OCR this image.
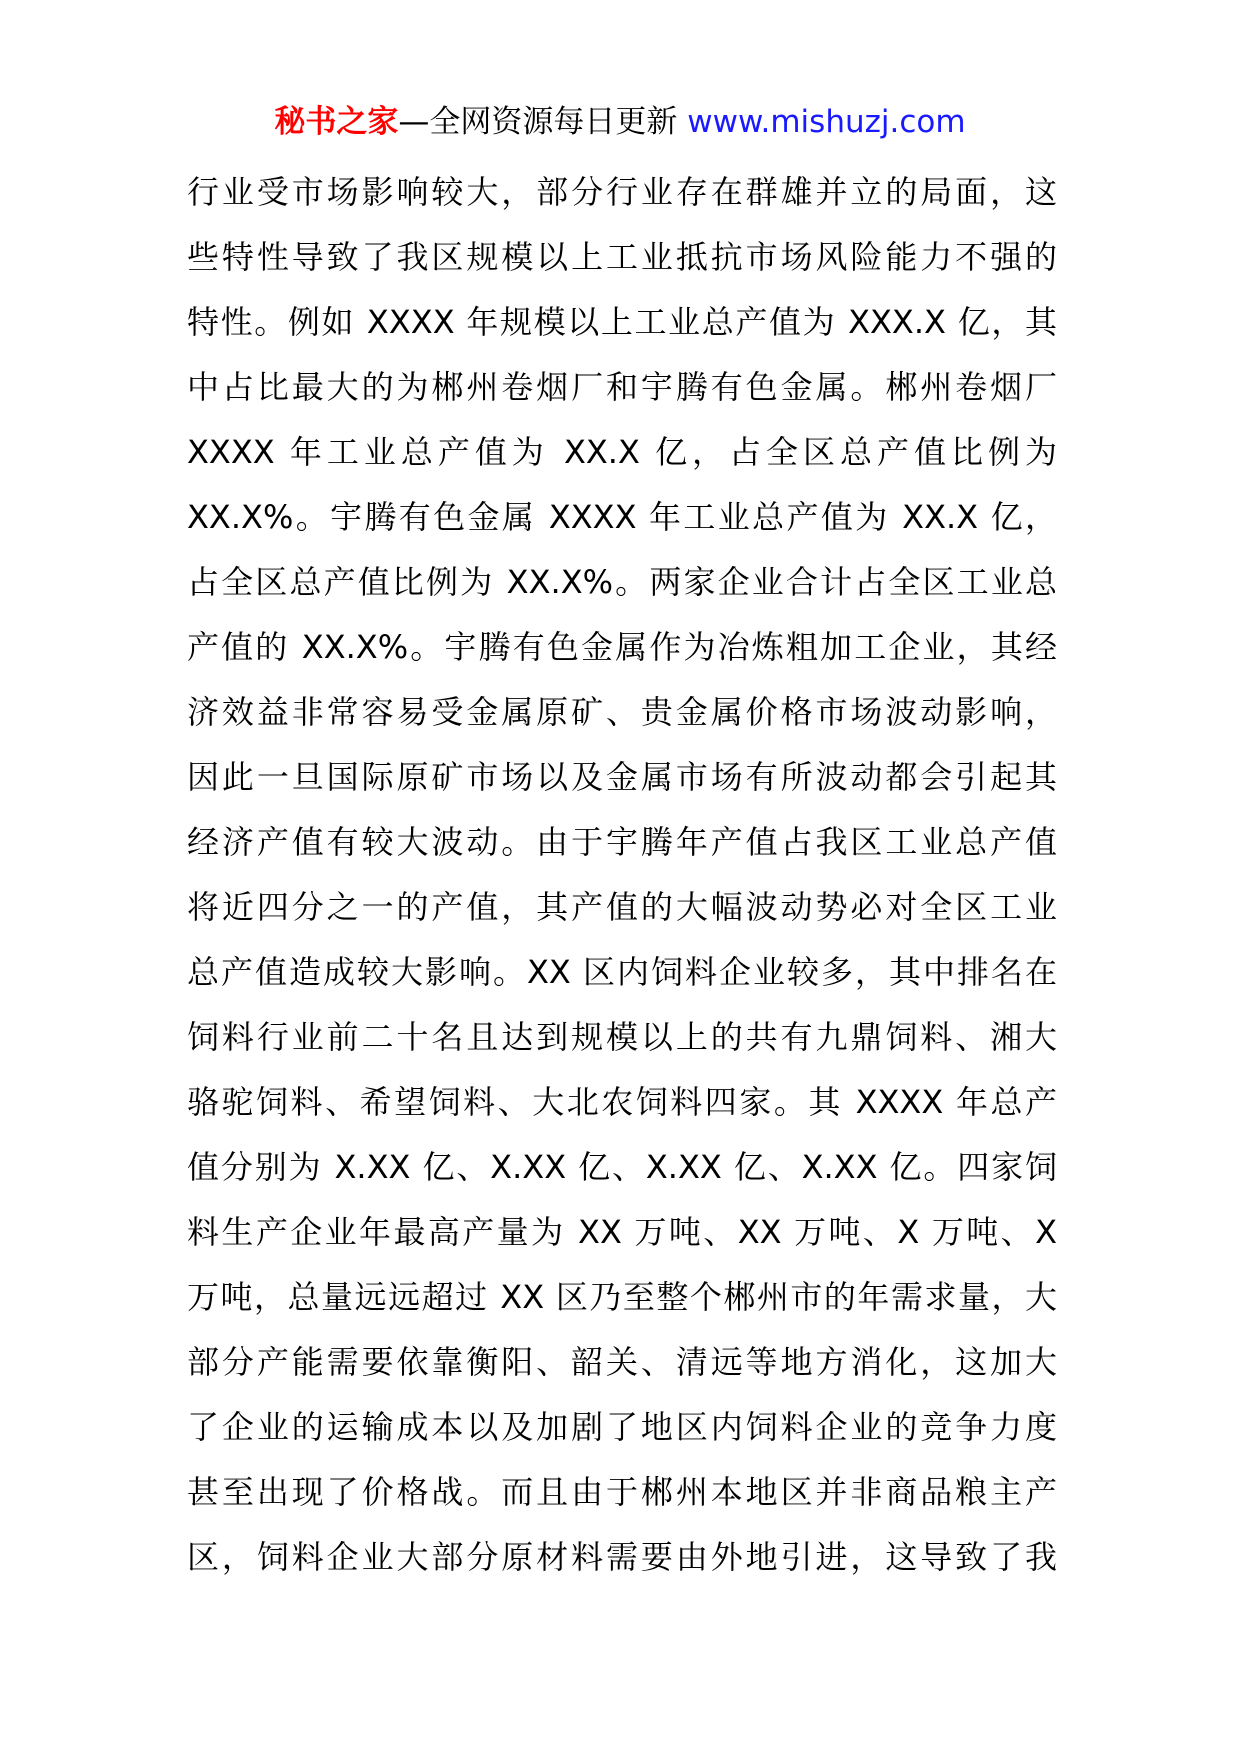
秘书之家—全网资源每日更新 www.mishuzj.com
行业受市场影响较大，部分行业存在群雄并立的局面，这
些特性导致了我区规模以上工业抵抗市场风险能力不强的
特性。例如 XXXX 年规模以上工业总产值为 XXX.X 亿，其
中占比最大的为郴州卷烟厂和宇腾有色金属。郴州卷烟厂
XXXX 年工业总产值为 XX.X 亿，占全区总产值比例为
XX.X%。宇腾有色金属 XXXX 年工业总产值为 XX.X 亿，
占全区总产值比例为 XX.X%。两家企业合计占全区工业总
产值的 XX.X%。宇腾有色金属作为冶炼粗加工企业，其经
济效益非常容易受金属原矿、贵金属价格市场波动影响，
因此一旦国际原矿市场以及金属市场有所波动都会引起其
经济产值有较大波动。由于宇腾年产值占我区工业总产值
将近四分之一的产值，其产值的大幅波动势必对全区工业
总产值造成较大影响。XX 区内饲料企业较多，其中排名在
饲料行业前二十名且达到规模以上的共有九鼎饲料、湘大
骆驼饲料、希望饲料、大北农饲料四家。其 XXXX 年总产
值分别为 X.XX 亿、X.XX 亿、X.XX 亿、X.XX 亿。四家饲
料生产企业年最高产量为 XX 万吨、XX 万吨、X 万吨、X
万吨，总量远远超过 XX 区乃至整个郴州市的年需求量，大
部分产能需要依靠衡阳、韶关、清远等地方消化，这加大
了企业的运输成本以及加剧了地区内饲料企业的竞争力度
甚至出现了价格战。而且由于郴州本地区并非商品粮主产
区，饲料企业大部分原材料需要由外地引进，这导致了我
